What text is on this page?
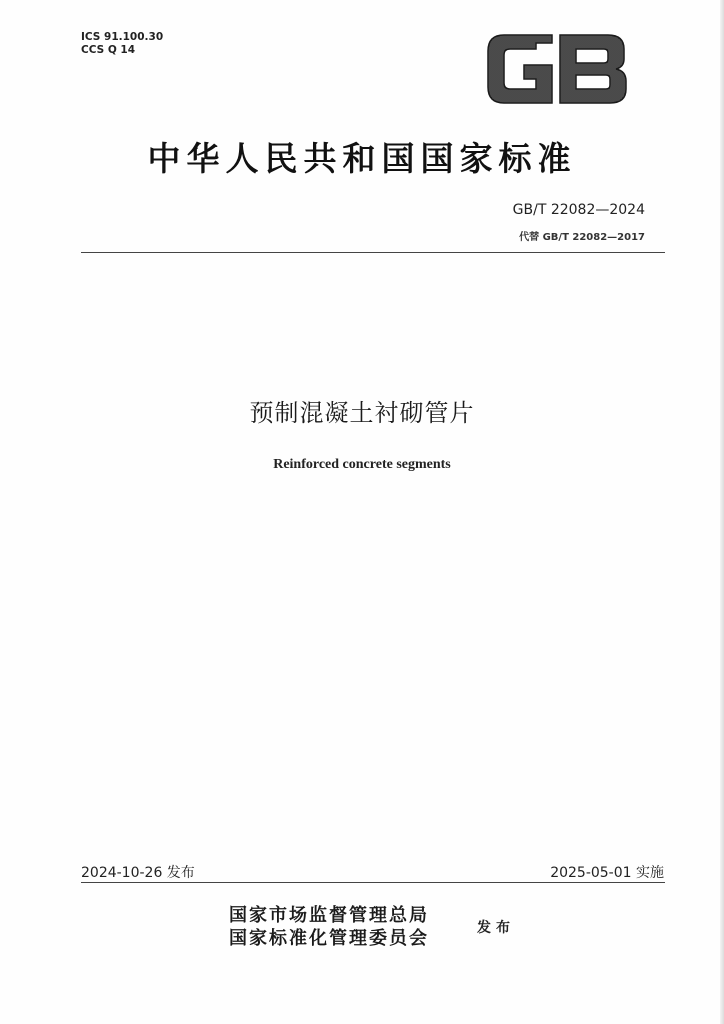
ICS 91.100.30
CCS Q 14
中华人民共和国国家标准
GB/T 22082—2024
代替 GB/T 22082—2017
预制混凝土衬砌管片
Reinforced concrete segments
2024-10-26 发布	2025-05-01 实施
国家市场监督管理总局
国家标准化管理委员会	发布
